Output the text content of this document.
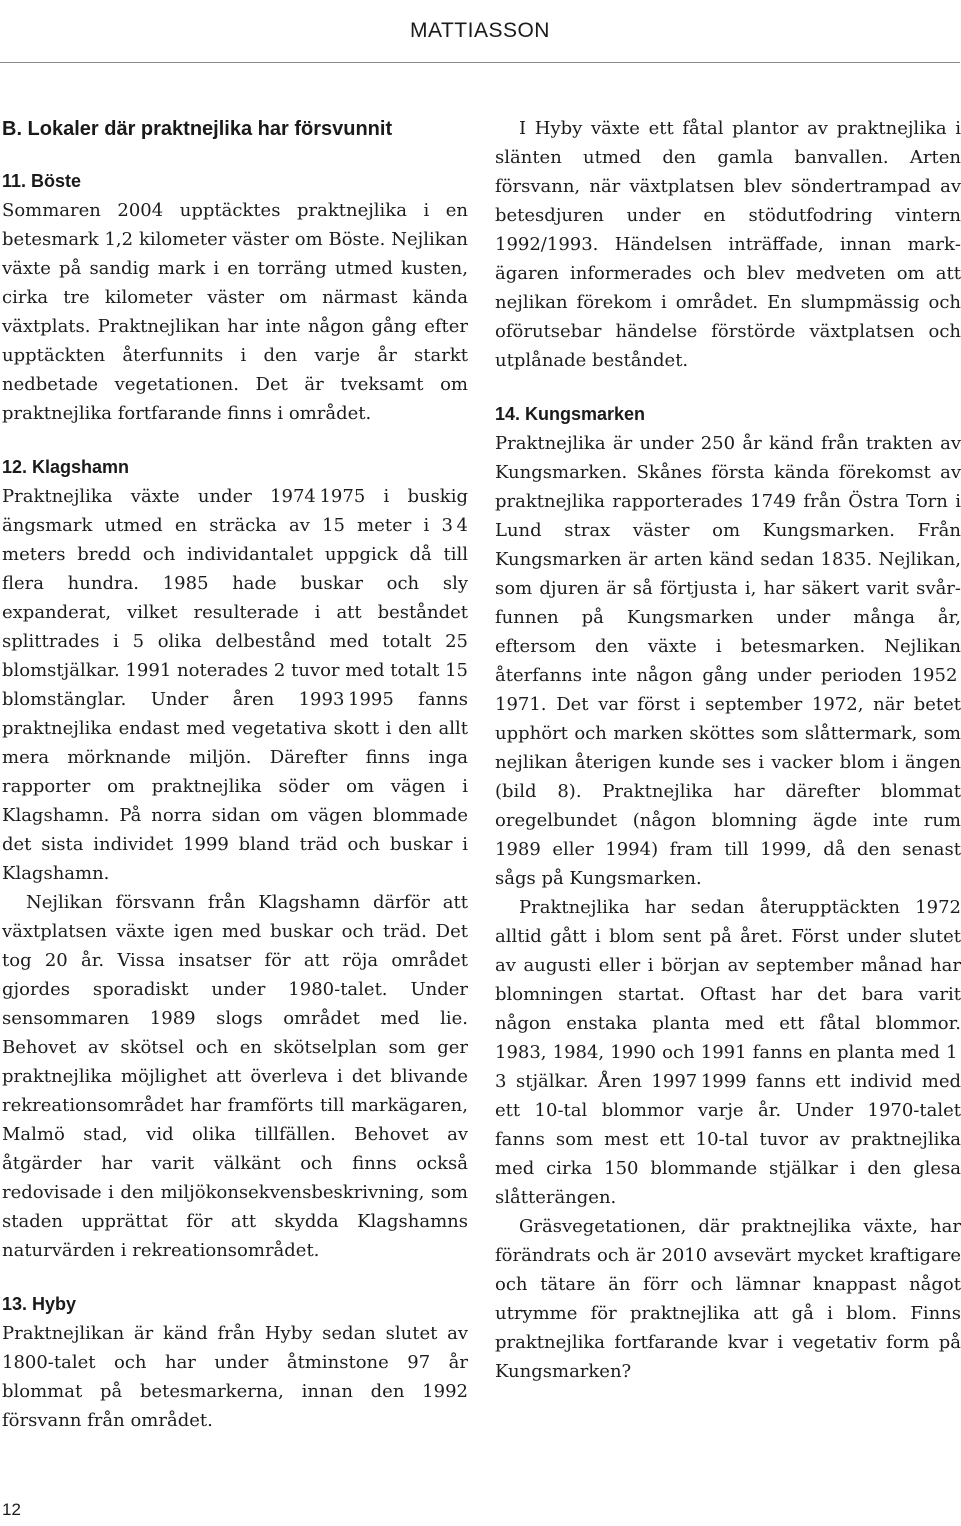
MATTIASSON
B. Lokaler där praktnejlika har försvunnit
11. Böste

Sommaren 2004 upptäcktes praktnejlika i en betesmark 1,2 kilometer väster om Böste. Nejlikan växte på sandig mark i en torräng utmed kusten, cirka tre kilometer väster om närmast kända växtplats. Praktnejlikan har inte någon gång efter upptäckten återfunnits i den varje år starkt nedbetade vegetationen. Det är tveksamt om praktnejlika fortfarande finns i området.

12. Klagshamn

Praktnejlika växte under 1974 1975 i buskig ängsmark utmed en sträcka av 15 meter i 3 4 meters bredd och individantalet uppgick då till flera hundra. 1985 hade buskar och sly expanderat, vilket resulterade i att beståndet splittrades i 5 olika delbestånd med totalt 25 blomstjälkar. 1991 noterades 2 tuvor med totalt 15 blomstänglar. Under åren 1993 1995 fanns praktnejlika endast med vegetativa skott i den allt mera mörknande miljön. Därefter finns inga rapporter om praktnejlika söder om vägen i Klagshamn. På norra sidan om vägen blommade det sista individet 1999 bland träd och buskar i Klagshamn.

Nejlikan försvann från Klagshamn därför att växtplatsen växte igen med buskar och träd. Det tog 20 år. Vissa insatser för att röja området gjordes sporadiskt under 1980-talet. Under sensommaren 1989 slogs området med lie. Behovet av skötsel och en skötselplan som ger praktnejlika möjlighet att överleva i det blivande rekreationsområdet har framförts till markägaren, Malmö stad, vid olika tillfällen. Behovet av åtgärder har varit välkänt och finns också redovisade i den miljökonsekvensbeskrivning, som staden upprättat för att skydda Klagshamns naturvärden i rekreationsområdet.

13. Hyby

Praktnejlikan är känd från Hyby sedan slutet av 1800-talet och har under åtminstone 97 år blommat på betesmarkerna, innan den 1992 försvann från området.

I Hyby växte ett fåtal plantor av praktnejlika i slänten utmed den gamla banvallen. Arten försvann, när växtplatsen blev söndertrampad av betesdjuren under en stödutfodring vintern 1992/1993. Händelsen inträffade, innan markägaren informerades och blev medveten om att nejlikan förekom i området. En slumpmässig och oförutsebar händelse förstörde växtplatsen och utplånade beståndet.

14. Kungsmarken

Praktnejlika är under 250 år känd från trakten av Kungsmarken. Skånes första kända förekomst av praktnejlika rapporterades 1749 från Östra Torn i Lund strax väster om Kungsmarken. Från Kungsmarken är arten känd sedan 1835. Nejlikan, som djuren är så förtjusta i, har säkert varit svårfunnen på Kungsmarken under många år, eftersom den växte i betesmarken. Nejlikan återfanns inte någon gång under perioden 1952 1971. Det var först i september 1972, när betet upphört och marken sköttes som slåttermark, som nejlikan återigen kunde ses i vacker blom i ängen (bild 8). Praktnejlika har därefter blommat oregelbundet (någon blomning ägde inte rum 1989 eller 1994) fram till 1999, då den senast sågs på Kungsmarken.

Praktnejlika har sedan återupptäckten 1972 alltid gått i blom sent på året. Först under slutet av augusti eller i början av september månad har blomningen startat. Oftast har det bara varit någon enstaka planta med ett fåtal blommor. 1983, 1984, 1990 och 1991 fanns en planta med 1 3 stjälkar. Åren 1997 1999 fanns ett individ med ett 10-tal blommor varje år. Under 1970-talet fanns som mest ett 10-tal tuvor av praktnejlika med cirka 150 blommande stjälkar i den glesa slåtterängen.

Gräsvegetationen, där praktnejlika växte, har förändrats och är 2010 avsevärt mycket kraftigare och tätare än förr och lämnar knappast något utrymme för praktnejlika att gå i blom. Finns praktnejlika fortfarande kvar i vegetativ form på Kungsmarken?

12
